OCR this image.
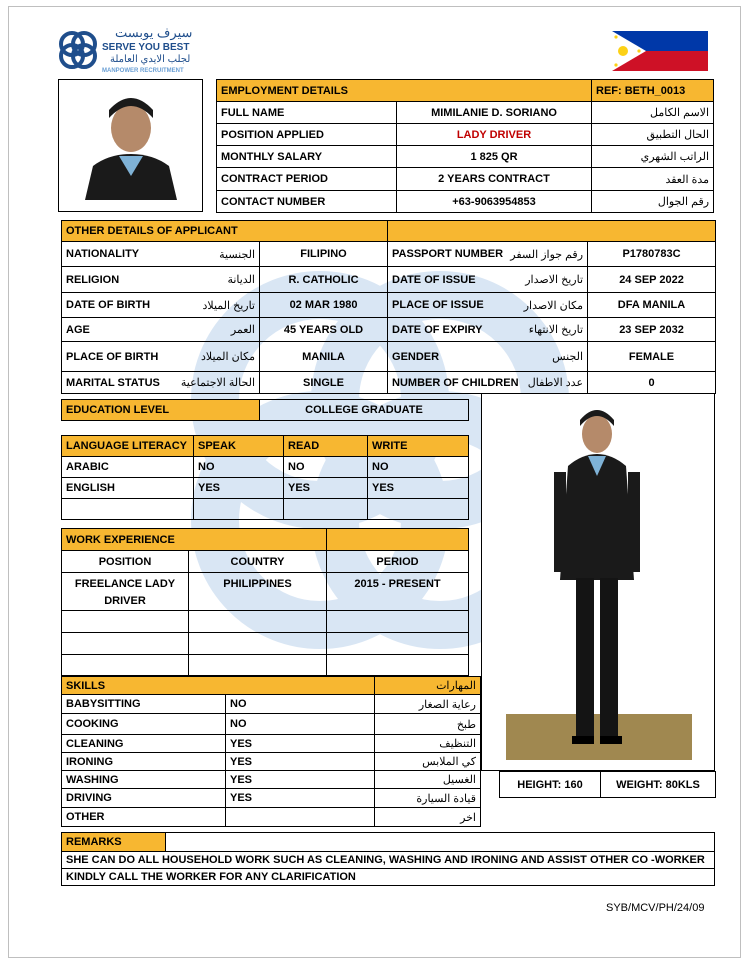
سيرف يوبست
SERVE YOU BEST
لجلب الايدي العاملة
MANPOWER RECRUITMENT
EMPLOYMENT DETAILS		REF: BETH_0013
FULL NAME	MIMILANIE D. SORIANO	الاسم الكامل
POSITION APPLIED	LADY DRIVER	الحال التطبيق
MONTHLY SALARY	1 825 QR	الراتب الشهري
CONTRACT PERIOD	2 YEARS CONTRACT	مدة العقد
CONTACT NUMBER	+63-9063954853	رقم الجوال
OTHER DETAILS OF APPLICANT			

NATIONALITY الجنسية	FILIPINO	PASSPORT NUMBER رقم جواز السفر	P1780783C

RELIGION الديانة	R. CATHOLIC	DATE OF ISSUE تاريخ الاصدار	24 SEP 2022

DATE OF BIRTH تاريخ الميلاد	02 MAR 1980	PLACE OF ISSUE مكان الاصدار	DFA MANILA

AGE العمر	45 YEARS OLD	DATE OF EXPIRY تاريخ الانتهاء	23 SEP 2032

PLACE OF BIRTH مكان الميلاد	MANILA	GENDER الجنس	FEMALE

MARITAL STATUS الحالة الاجتماعية	SINGLE	NUMBER OF CHILDREN عدد الاطفال	0
EDUCATION LEVEL	COLLEGE GRADUATE
LANGUAGE LITERACY	SPEAK	READ	WRITE
ARABIC	NO	NO	NO
ENGLISH	YES	YES	YES

WORK EXPERIENCE		
POSITION	COUNTRY	PERIOD
FREELANCE LADY DRIVER	PHILIPPINES	2015 - PRESENT

SKILLS		المهارات
BABYSITTING	NO	رعاية الصغار
COOKING	NO	طبخ
CLEANING	YES	التنظيف
IRONING	YES	كي الملابس
WASHING	YES	الغسيل
DRIVING	YES	قيادة السيارة
OTHER		اخر
HEIGHT: 160	WEIGHT: 80KLS
REMARKS	
SHE CAN DO ALL HOUSEHOLD WORK SUCH AS CLEANING, WASHING AND IRONING AND ASSIST OTHER CO -WORKER
KINDLY CALL THE WORKER FOR ANY CLARIFICATION
SYB/MCV/PH/24/09
